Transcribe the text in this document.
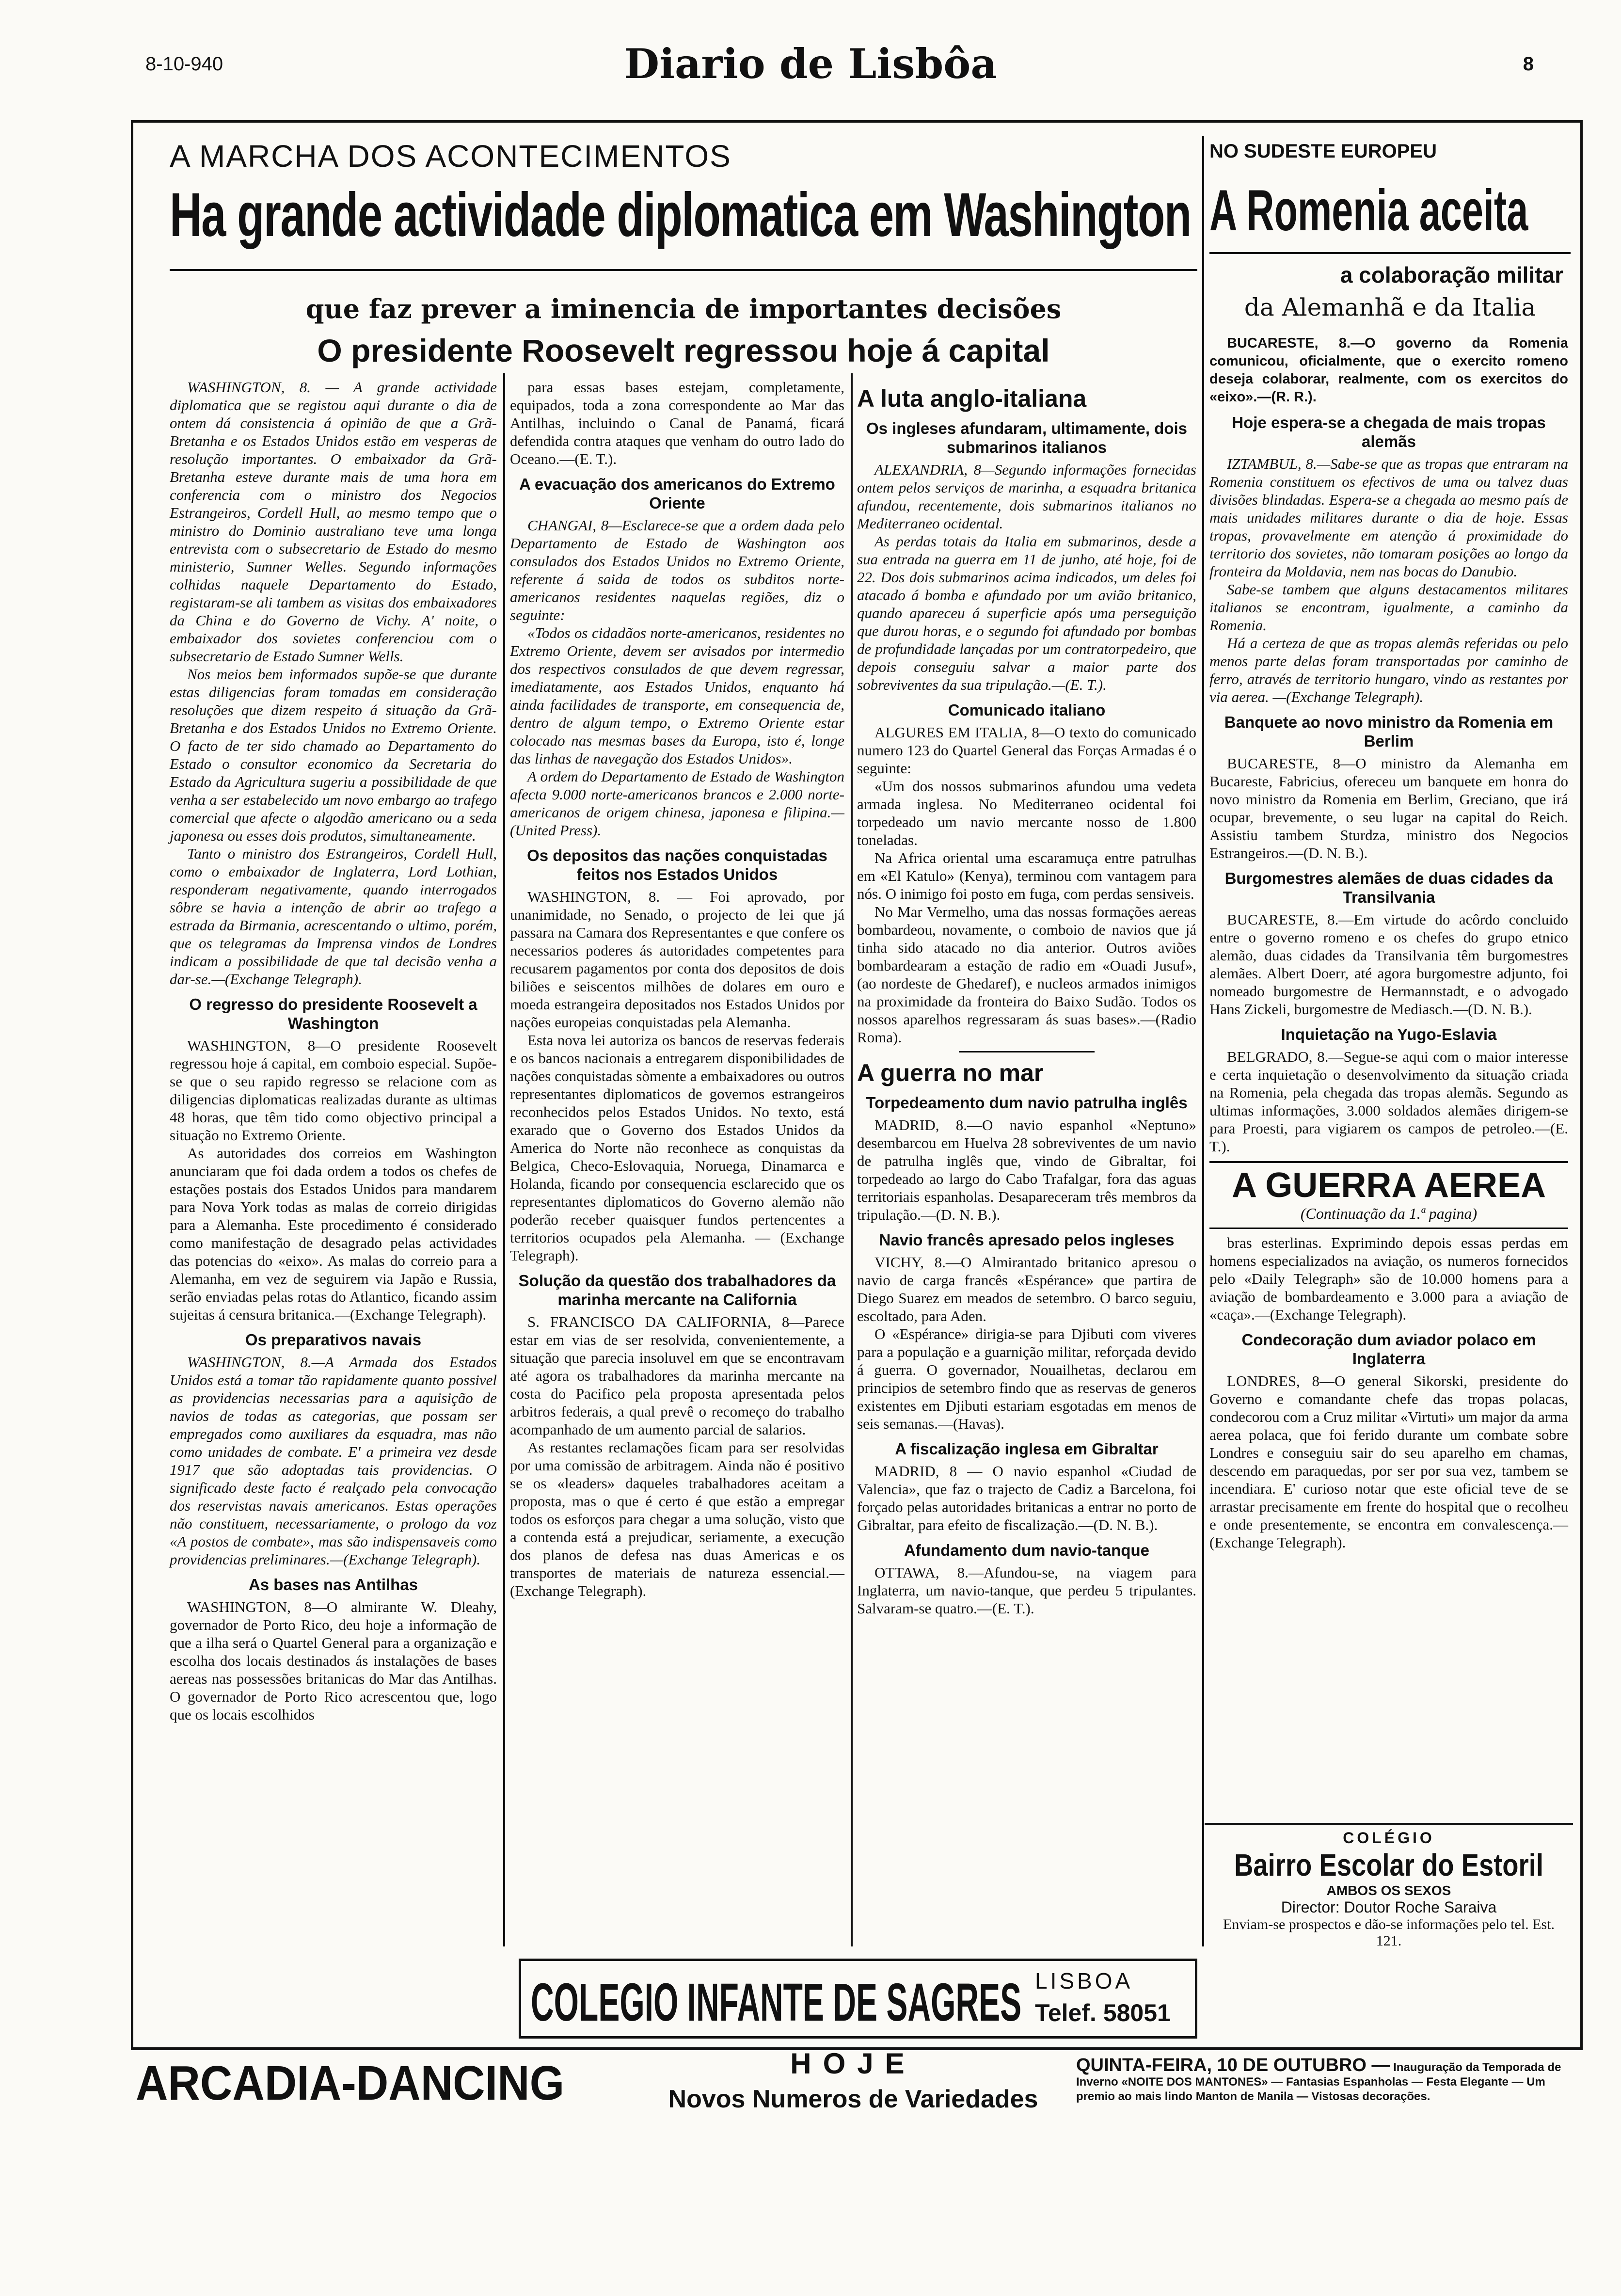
8-10-940	Diario de Lisbôa	8
A MARCHA DOS ACONTECIMENTOS
Ha grande actividade diplomatica em Washington
que faz prever a iminencia de importantes decisões
O presidente Roosevelt regressou hoje á capital

WASHINGTON, 8. — A grande actividade diplomatica que se registou aqui durante o dia de ontem dá consistencia á opinião de que a Grã-Bretanha e os Estados Unidos estão em vesperas de resolução importantes. O embaixador da Grã-Bretanha esteve durante mais de uma hora em conferencia com o ministro dos Negocios Estrangeiros, Cordell Hull, ao mesmo tempo que o ministro do Dominio australiano teve uma longa entrevista com o subsecretario de Estado do mesmo ministerio, Sumner Welles. Segundo informações colhidas naquele Departamento do Estado, registaram-se ali tambem as visitas dos embaixadores da China e do Governo de Vichy. A' noite, o embaixador dos sovietes conferenciou com o subsecretario de Estado Sumner Wells.

Nos meios bem informados supõe-se que durante estas diligencias foram tomadas em consideração resoluções que dizem respeito á situação da Grã-Bretanha e dos Estados Unidos no Extremo Oriente. O facto de ter sido chamado ao Departamento do Estado o consultor economico da Secretaria do Estado da Agricultura sugeriu a possibilidade de que venha a ser estabelecido um novo embargo ao trafego comercial que afecte o algodão americano ou a seda japonesa ou esses dois produtos, simultaneamente.

Tanto o ministro dos Estrangeiros, Cordell Hull, como o embaixador de Inglaterra, Lord Lothian, responderam negativamente, quando interrogados sôbre se havia a intenção de abrir ao trafego a estrada da Birmania, acrescentando o ultimo, porém, que os telegramas da Imprensa vindos de Londres indicam a possibilidade de que tal decisão venha a dar-se.—(Exchange Telegraph).

O regresso do presidente Roosevelt a Washington

WASHINGTON, 8—O presidente Roosevelt regressou hoje á capital, em comboio especial. Supõe-se que o seu rapido regresso se relacione com as diligencias diplomaticas realizadas durante as ultimas 48 horas, que têm tido como objectivo principal a situação no Extremo Oriente.

As autoridades dos correios em Washington anunciaram que foi dada ordem a todos os chefes de estações postais dos Estados Unidos para mandarem para Nova York todas as malas de correio dirigidas para a Alemanha. Este procedimento é considerado como manifestação de desagrado pelas actividades das potencias do «eixo». As malas do correio para a Alemanha, em vez de seguirem via Japão e Russia, serão enviadas pelas rotas do Atlantico, ficando assim sujeitas á censura britanica.—(Exchange Telegraph).

Os preparativos navais

WASHINGTON, 8.—A Armada dos Estados Unidos está a tomar tão rapidamente quanto possivel as providencias necessarias para a aquisição de navios de todas as categorias, que possam ser empregados como auxiliares da esquadra, mas não como unidades de combate. E' a primeira vez desde 1917 que são adoptadas tais providencias. O significado deste facto é realçado pela convocação dos reservistas navais americanos. Estas operações não constituem, necessariamente, o prologo da voz «A postos de combate», mas são indispensaveis como providencias preliminares.—(Exchange Telegraph).

As bases nas Antilhas

WASHINGTON, 8—O almirante W. Dleahy, governador de Porto Rico, deu hoje a informação de que a ilha será o Quartel General para a organização e escolha dos locais destinados ás instalações de bases aereas nas possessões britanicas do Mar das Antilhas. O governador de Porto Rico acrescentou que, logo que os locais escolhidos

para essas bases estejam, completamente, equipados, toda a zona correspondente ao Mar das Antilhas, incluindo o Canal de Panamá, ficará defendida contra ataques que venham do outro lado do Oceano.—(E. T.).

A evacuação dos americanos do Extremo Oriente

CHANGAI, 8—Esclarece-se que a ordem dada pelo Departamento de Estado de Washington aos consulados dos Estados Unidos no Extremo Oriente, referente á saida de todos os subditos norte-americanos residentes naquelas regiões, diz o seguinte:

«Todos os cidadãos norte-americanos, residentes no Extremo Oriente, devem ser avisados por intermedio dos respectivos consulados de que devem regressar, imediatamente, aos Estados Unidos, enquanto há ainda facilidades de transporte, em consequencia de, dentro de algum tempo, o Extremo Oriente estar colocado nas mesmas bases da Europa, isto é, longe das linhas de navegação dos Estados Unidos».

A ordem do Departamento de Estado de Washington afecta 9.000 norte-americanos brancos e 2.000 norte-americanos de origem chinesa, japonesa e filipina.—(United Press).

Os depositos das nações conquistadas feitos nos Estados Unidos

WASHINGTON, 8. — Foi aprovado, por unanimidade, no Senado, o projecto de lei que já passara na Camara dos Representantes e que confere os necessarios poderes ás autoridades competentes para recusarem pagamentos por conta dos depositos de dois biliões e seiscentos milhões de dolares em ouro e moeda estrangeira depositados nos Estados Unidos por nações europeias conquistadas pela Alemanha.

Esta nova lei autoriza os bancos de reservas federais e os bancos nacionais a entregarem disponibilidades de nações conquistadas sòmente a embaixadores ou outros representantes diplomaticos de governos estrangeiros reconhecidos pelos Estados Unidos. No texto, está exarado que o Governo dos Estados Unidos da America do Norte não reconhece as conquistas da Belgica, Checo-Eslovaquia, Noruega, Dinamarca e Holanda, ficando por consequencia esclarecido que os representantes diplomaticos do Governo alemão não poderão receber quaisquer fundos pertencentes a territorios ocupados pela Alemanha. — (Exchange Telegraph).

Solução da questão dos trabalhadores da marinha mercante na California

S. FRANCISCO DA CALIFORNIA, 8—Parece estar em vias de ser resolvida, convenientemente, a situação que parecia insoluvel em que se encontravam até agora os trabalhadores da marinha mercante na costa do Pacifico pela proposta apresentada pelos arbitros federais, a qual prevê o recomeço do trabalho acompanhado de um aumento parcial de salarios.

As restantes reclamações ficam para ser resolvidas por uma comissão de arbitragem. Ainda não é positivo se os «leaders» daqueles trabalhadores aceitam a proposta, mas o que é certo é que estão a empregar todos os esforços para chegar a uma solução, visto que a contenda está a prejudicar, seriamente, a execução dos planos de defesa nas duas Americas e os transportes de materiais de natureza essencial.—(Exchange Telegraph).

A luta anglo-italiana
Os ingleses afundaram, ultimamente, dois submarinos italianos

ALEXANDRIA, 8—Segundo informações fornecidas ontem pelos serviços de marinha, a esquadra britanica afundou, recentemente, dois submarinos italianos no Mediterraneo ocidental.

As perdas totais da Italia em submarinos, desde a sua entrada na guerra em 11 de junho, até hoje, foi de 22. Dos dois submarinos acima indicados, um deles foi atacado á bomba e afundado por um avião britanico, quando apareceu á superficie após uma perseguição que durou horas, e o segundo foi afundado por bombas de profundidade lançadas por um contratorpedeiro, que depois conseguiu salvar a maior parte dos sobreviventes da sua tripulação.—(E. T.).

Comunicado italiano

ALGURES EM ITALIA, 8—O texto do comunicado numero 123 do Quartel General das Forças Armadas é o seguinte:

«Um dos nossos submarinos afundou uma vedeta armada inglesa. No Mediterraneo ocidental foi torpedeado um navio mercante nosso de 1.800 toneladas.

Na Africa oriental uma escaramuça entre patrulhas em «El Katulo» (Kenya), terminou com vantagem para nós. O inimigo foi posto em fuga, com perdas sensiveis.

No Mar Vermelho, uma das nossas formações aereas bombardeou, novamente, o comboio de navios que já tinha sido atacado no dia anterior. Outros aviões bombardearam a estação de radio em «Ouadi Jusuf», (ao nordeste de Ghedaref), e nucleos armados inimigos na proximidade da fronteira do Baixo Sudão. Todos os nossos aparelhos regressaram ás suas bases».—(Radio Roma).

A guerra no mar
Torpedeamento dum navio patrulha inglês

MADRID, 8.—O navio espanhol «Neptuno» desembarcou em Huelva 28 sobreviventes de um navio de patrulha inglês que, vindo de Gibraltar, foi torpedeado ao largo do Cabo Trafalgar, fora das aguas territoriais espanholas. Desapareceram três membros da tripulação.—(D. N. B.).

Navio francês apresado pelos ingleses

VICHY, 8.—O Almirantado britanico apresou o navio de carga francês «Espérance» que partira de Diego Suarez em meados de setembro. O barco seguiu, escoltado, para Aden.

O «Espérance» dirigia-se para Djibuti com viveres para a população e a guarnição militar, reforçada devido á guerra. O governador, Nouailhetas, declarou em principios de setembro findo que as reservas de generos existentes em Djibuti estariam esgotadas em menos de seis semanas.—(Havas).

A fiscalização inglesa em Gibraltar

MADRID, 8 — O navio espanhol «Ciudad de Valencia», que faz o trajecto de Cadiz a Barcelona, foi forçado pelas autoridades britanicas a entrar no porto de Gibraltar, para efeito de fiscalização.—(D. N. B.).

Afundamento dum navio-tanque

OTTAWA, 8.—Afundou-se, na viagem para Inglaterra, um navio-tanque, que perdeu 5 tripulantes. Salvaram-se quatro.—(E. T.).

NO SUDESTE EUROPEU
A Romenia aceita
a colaboração militar
da Alemanhã e da Italia

BUCARESTE, 8.—O governo da Romenia comunicou, oficialmente, que o exercito romeno deseja colaborar, realmente, com os exercitos do «eixo».—(R. R.).

Hoje espera-se a chegada de mais tropas alemãs

IZTAMBUL, 8.—Sabe-se que as tropas que entraram na Romenia constituem os efectivos de uma ou talvez duas divisões blindadas. Espera-se a chegada ao mesmo país de mais unidades militares durante o dia de hoje. Essas tropas, provavelmente em atenção á proximidade do territorio dos sovietes, não tomaram posições ao longo da fronteira da Moldavia, nem nas bocas do Danubio.

Sabe-se tambem que alguns destacamentos militares italianos se encontram, igualmente, a caminho da Romenia.

Há a certeza de que as tropas alemãs referidas ou pelo menos parte delas foram transportadas por caminho de ferro, através de territorio hungaro, vindo as restantes por via aerea. —(Exchange Telegraph).

Banquete ao novo ministro da Romenia em Berlim

BUCARESTE, 8—O ministro da Alemanha em Bucareste, Fabricius, ofereceu um banquete em honra do novo ministro da Romenia em Berlim, Greciano, que irá ocupar, brevemente, o seu lugar na capital do Reich. Assistiu tambem Sturdza, ministro dos Negocios Estrangeiros.—(D. N. B.).

Burgomestres alemães de duas cidades da Transilvania

BUCARESTE, 8.—Em virtude do acôrdo concluido entre o governo romeno e os chefes do grupo etnico alemão, duas cidades da Transilvania têm burgomestres alemães. Albert Doerr, até agora burgomestre adjunto, foi nomeado burgomestre de Hermannstadt, e o advogado Hans Zickeli, burgomestre de Mediasch.—(D. N. B.).

Inquietação na Yugo-Eslavia

BELGRADO, 8.—Segue-se aqui com o maior interesse e certa inquietação o desenvolvimento da situação criada na Romenia, pela chegada das tropas alemãs. Segundo as ultimas informações, 3.000 soldados alemães dirigem-se para Proesti, para vigiarem os campos de petroleo.—(E. T.).

A GUERRA AEREA
(Continuação da 1.ª pagina)

bras esterlinas. Exprimindo depois essas perdas em homens especializados na aviação, os numeros fornecidos pelo «Daily Telegraph» são de 10.000 homens para a aviação de bombardeamento e 3.000 para a aviação de «caça».—(Exchange Telegraph).

Condecoração dum aviador polaco em Inglaterra

LONDRES, 8—O general Sikorski, presidente do Governo e comandante chefe das tropas polacas, condecorou com a Cruz militar «Virtuti» um major da arma aerea polaca, que foi ferido durante um combate sobre Londres e conseguiu sair do seu aparelho em chamas, descendo em paraquedas, por ser por sua vez, tambem se incendiara. E' curioso notar que este oficial teve de se arrastar precisamente em frente do hospital que o recolheu e onde presentemente, se encontra em convalescença.—(Exchange Telegraph).

COLÉGIO
Bairro Escolar do Estoril
AMBOS OS SEXOS
Director: Doutor Roche Saraiva
Enviam-se prospectos e dão-se informações pelo tel. Est. 121.
COLEGIO INFANTE DE SAGRES LISBOA
Telef. 58051
ARCADIA-DANCING	HOJE
Novos Numeros de Variedades
QUINTA-FEIRA, 10 DE OUTUBRO — Inauguração da Temporada de Inverno «NOITE DOS MANTONES» — Fantasias Espanholas — Festa Elegante — Um premio ao mais lindo Manton de Manila — Vistosas decorações.
